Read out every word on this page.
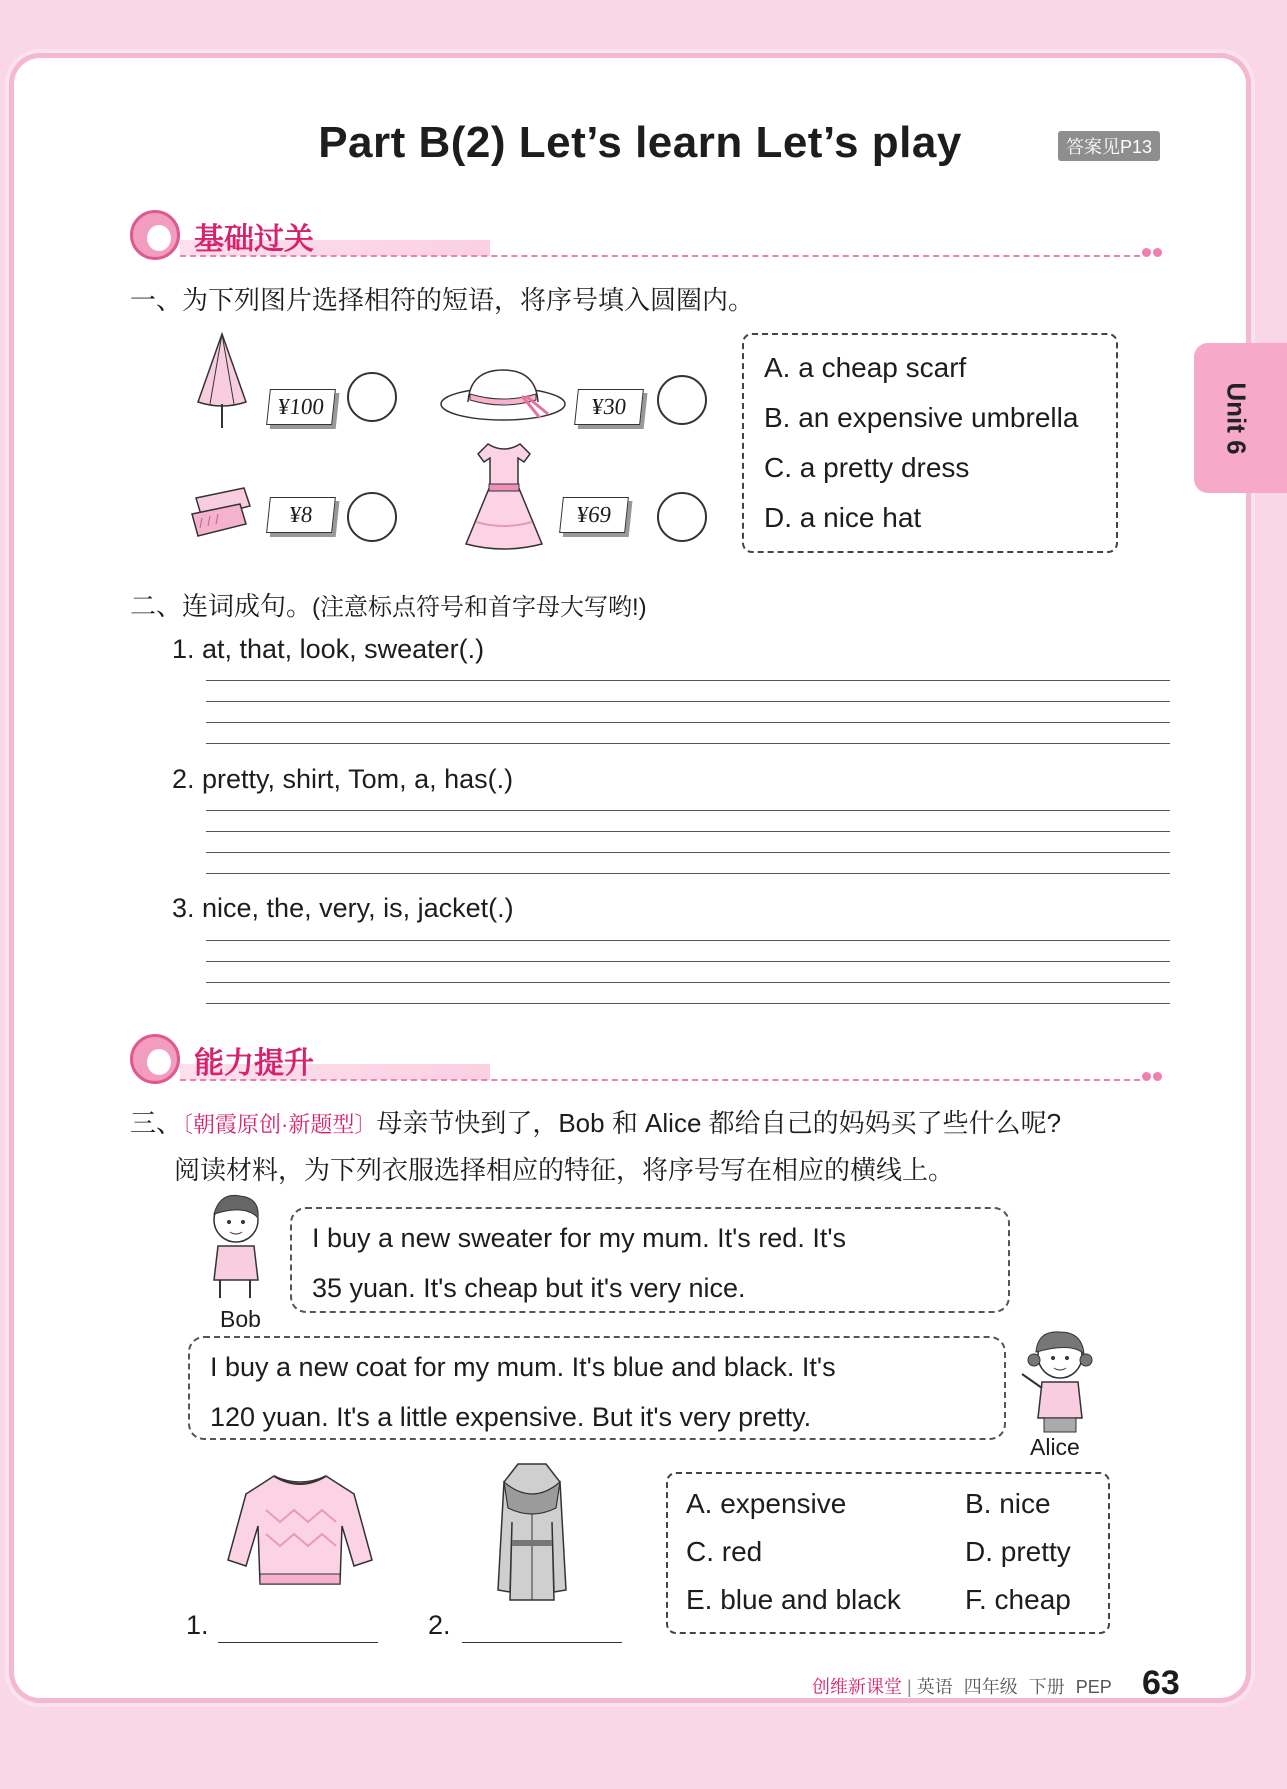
Part B(2) Let’s learn Let’s play	答案见P13
Unit 6
基础过关
一、为下列图片选择相符的短语，将序号填入圆圈内。
¥100	¥30
¥8	¥69
A. a cheap scarf
B. an expensive umbrella
C. a pretty dress
D. a nice hat
二、连词成句。(注意标点符号和首字母大写哟!)
1. at, that, look, sweater(.)
2. pretty, shirt, Tom, a, has(.)
3. nice, the, very, is, jacket(.)
能力提升
三、〔朝霞原创·新题型〕母亲节快到了，Bob 和 Alice 都给自己的妈妈买了些什么呢?
阅读材料，为下列衣服选择相应的特征，将序号写在相应的横线上。
Bob
I buy a new sweater for my mum. It's red. It's
35 yuan. It's cheap but it's very nice.
I buy a new coat for my mum. It's blue and black. It's
120 yuan. It's a little expensive. But it's very pretty.
Alice
1.	2.
A. expensive	B. nice
C. red	D. pretty
E. blue and black F. cheap
创维新课堂 | 英语 四年级 下册 PEP 63
